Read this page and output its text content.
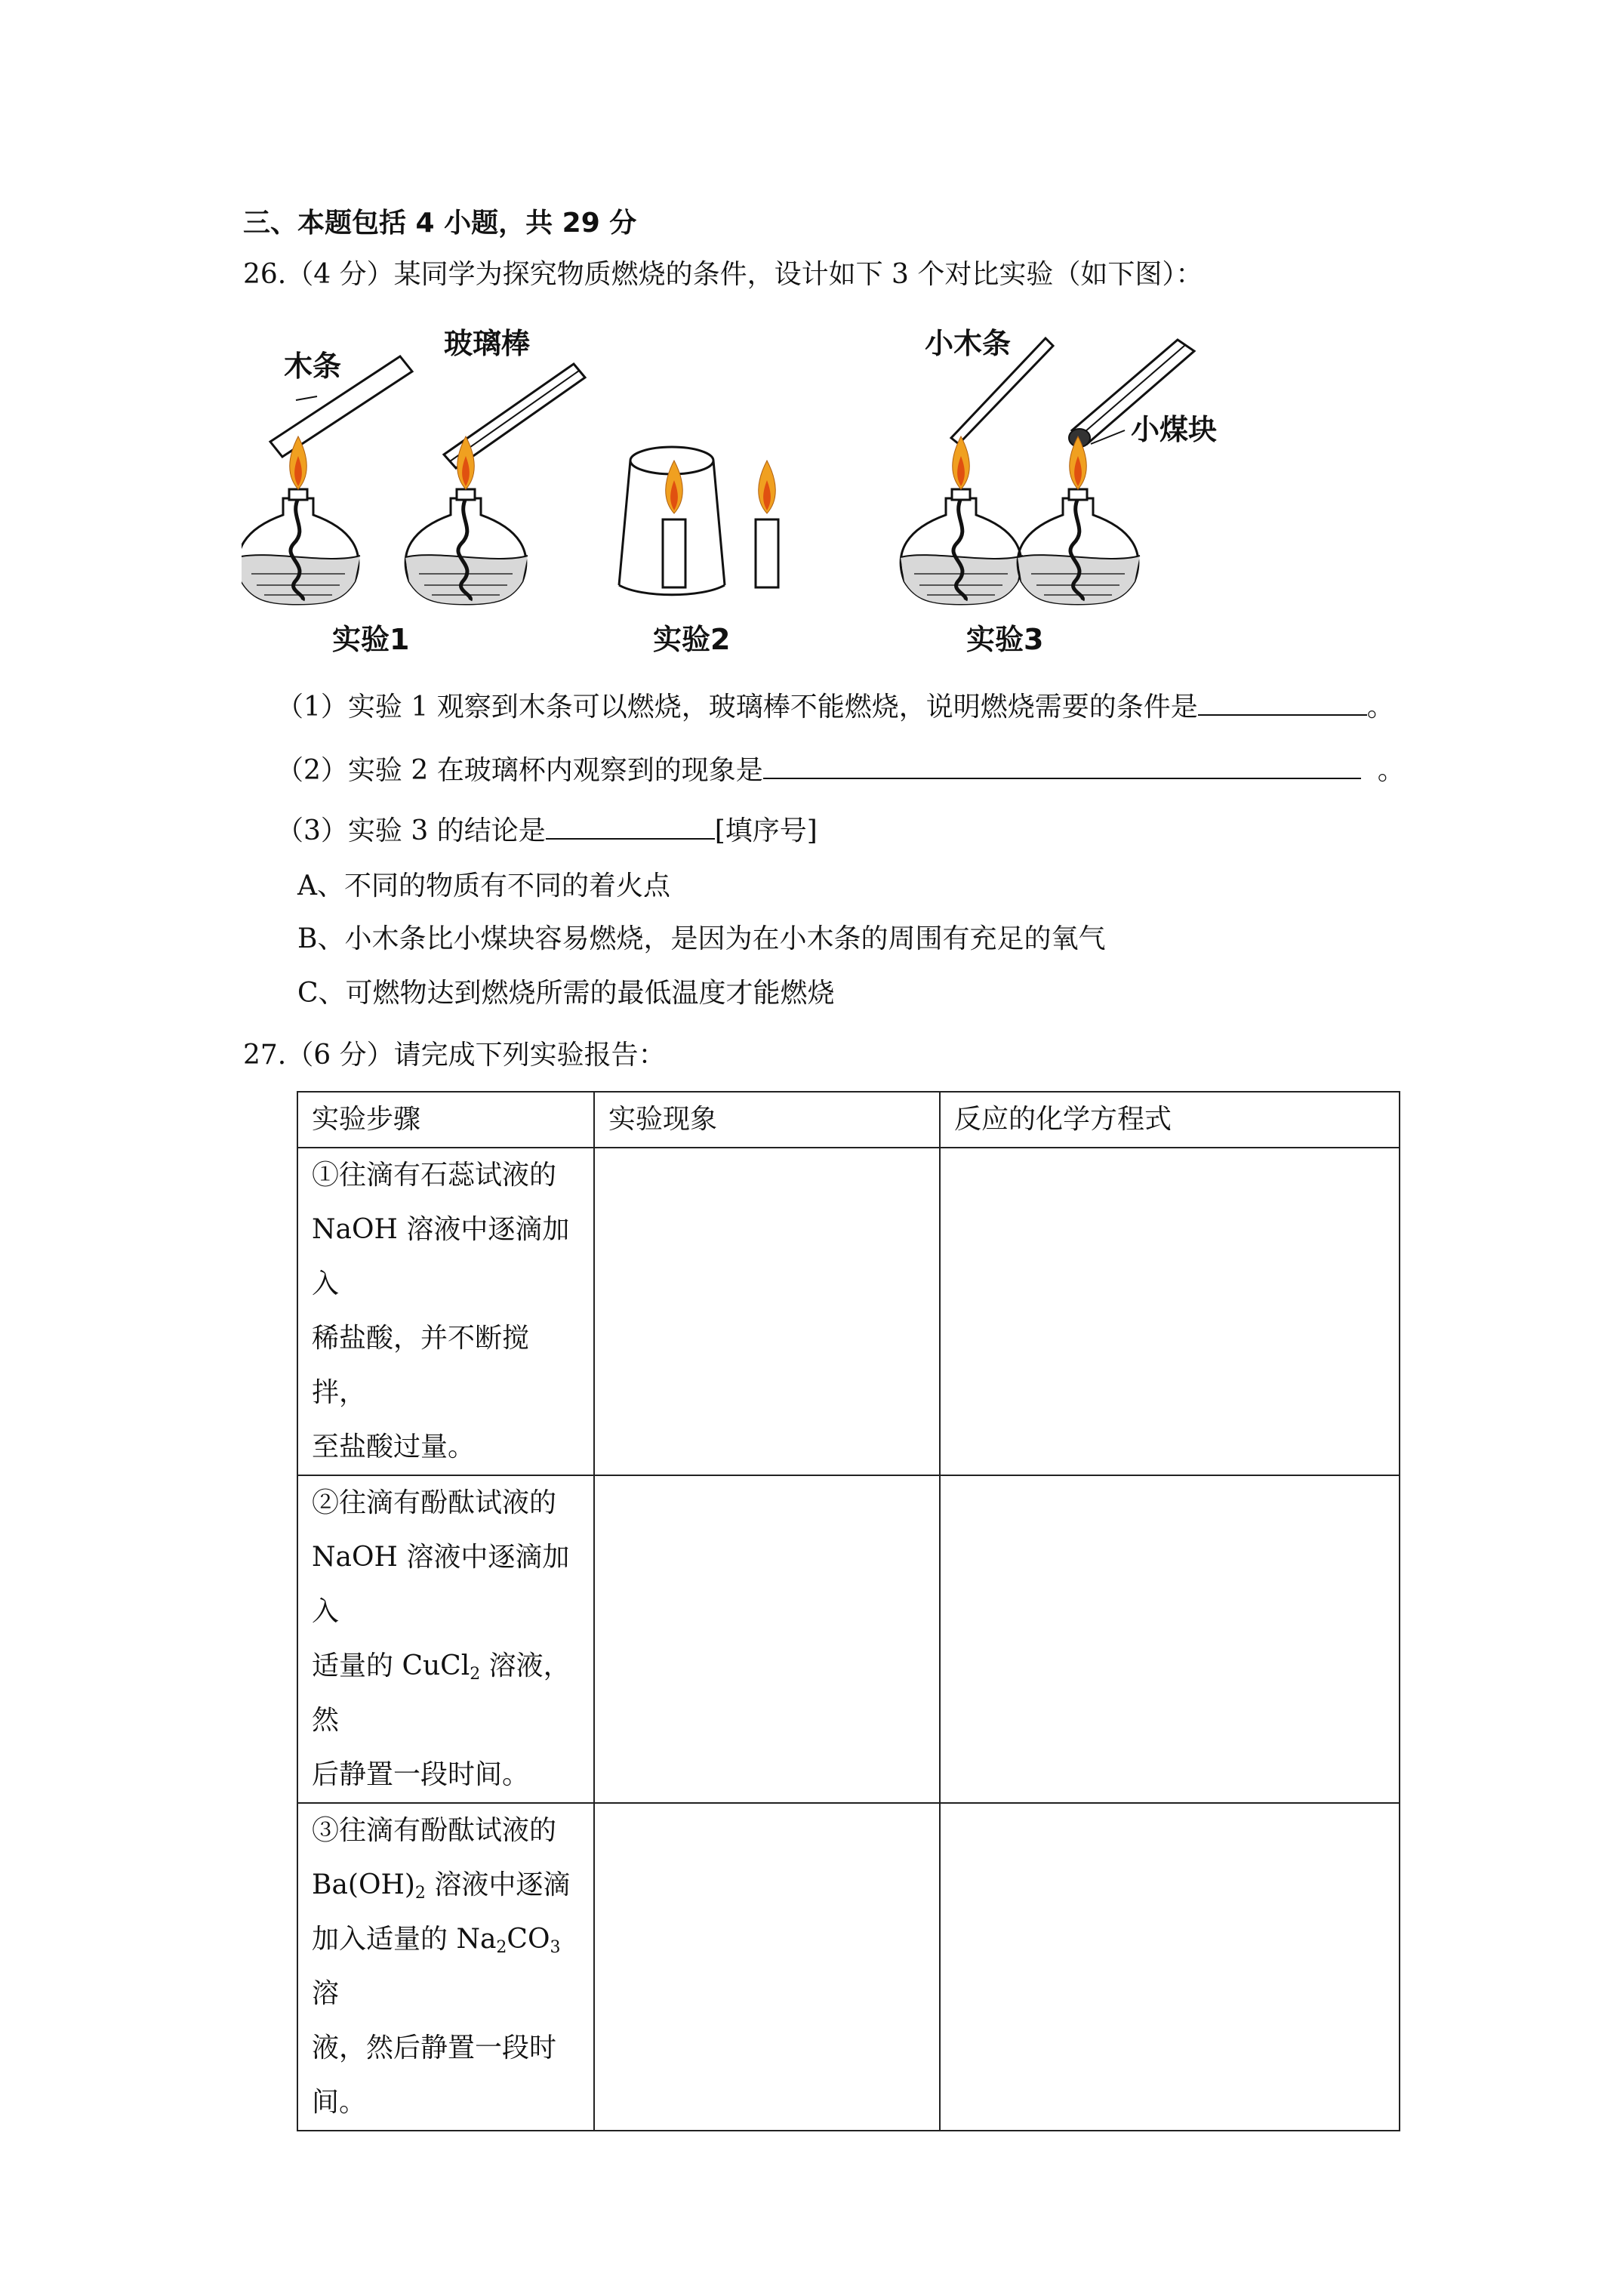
三、本题包括 4 小题，共 29 分
26.（4 分）某同学为探究物质燃烧的条件，设计如下 3 个对比实验（如下图）：
木条
玻璃棒
实验1	实验2
小木条
小煤块
实验3
（1）实验 1 观察到木条可以燃烧，玻璃棒不能燃烧，说明燃烧需要的条件是	。
（2）实验 2 在玻璃杯内观察到的现象是	。
（3）实验 3 的结论是	[填序号]
A、不同的物质有不同的着火点
B、小木条比小煤块容易燃烧，是因为在小木条的周围有充足的氧气
C、可燃物达到燃烧所需的最低温度才能燃烧
27.（6 分）请完成下列实验报告：
实验步骤	实验现象	反应的化学方程式

①往滴有石蕊试液的
NaOH 溶液中逐滴加入
稀盐酸，并不断搅拌，
至盐酸过量。		

②往滴有酚酞试液的
NaOH 溶液中逐滴加入
适量的 CuCl$_2$ 溶液，然
后静置一段时间。		

③往滴有酚酞试液的
$Ba(OH)_2$ 溶液中逐滴
加入适量的 $Na_2CO_3$ 溶
液，然后静置一段时
间。		
